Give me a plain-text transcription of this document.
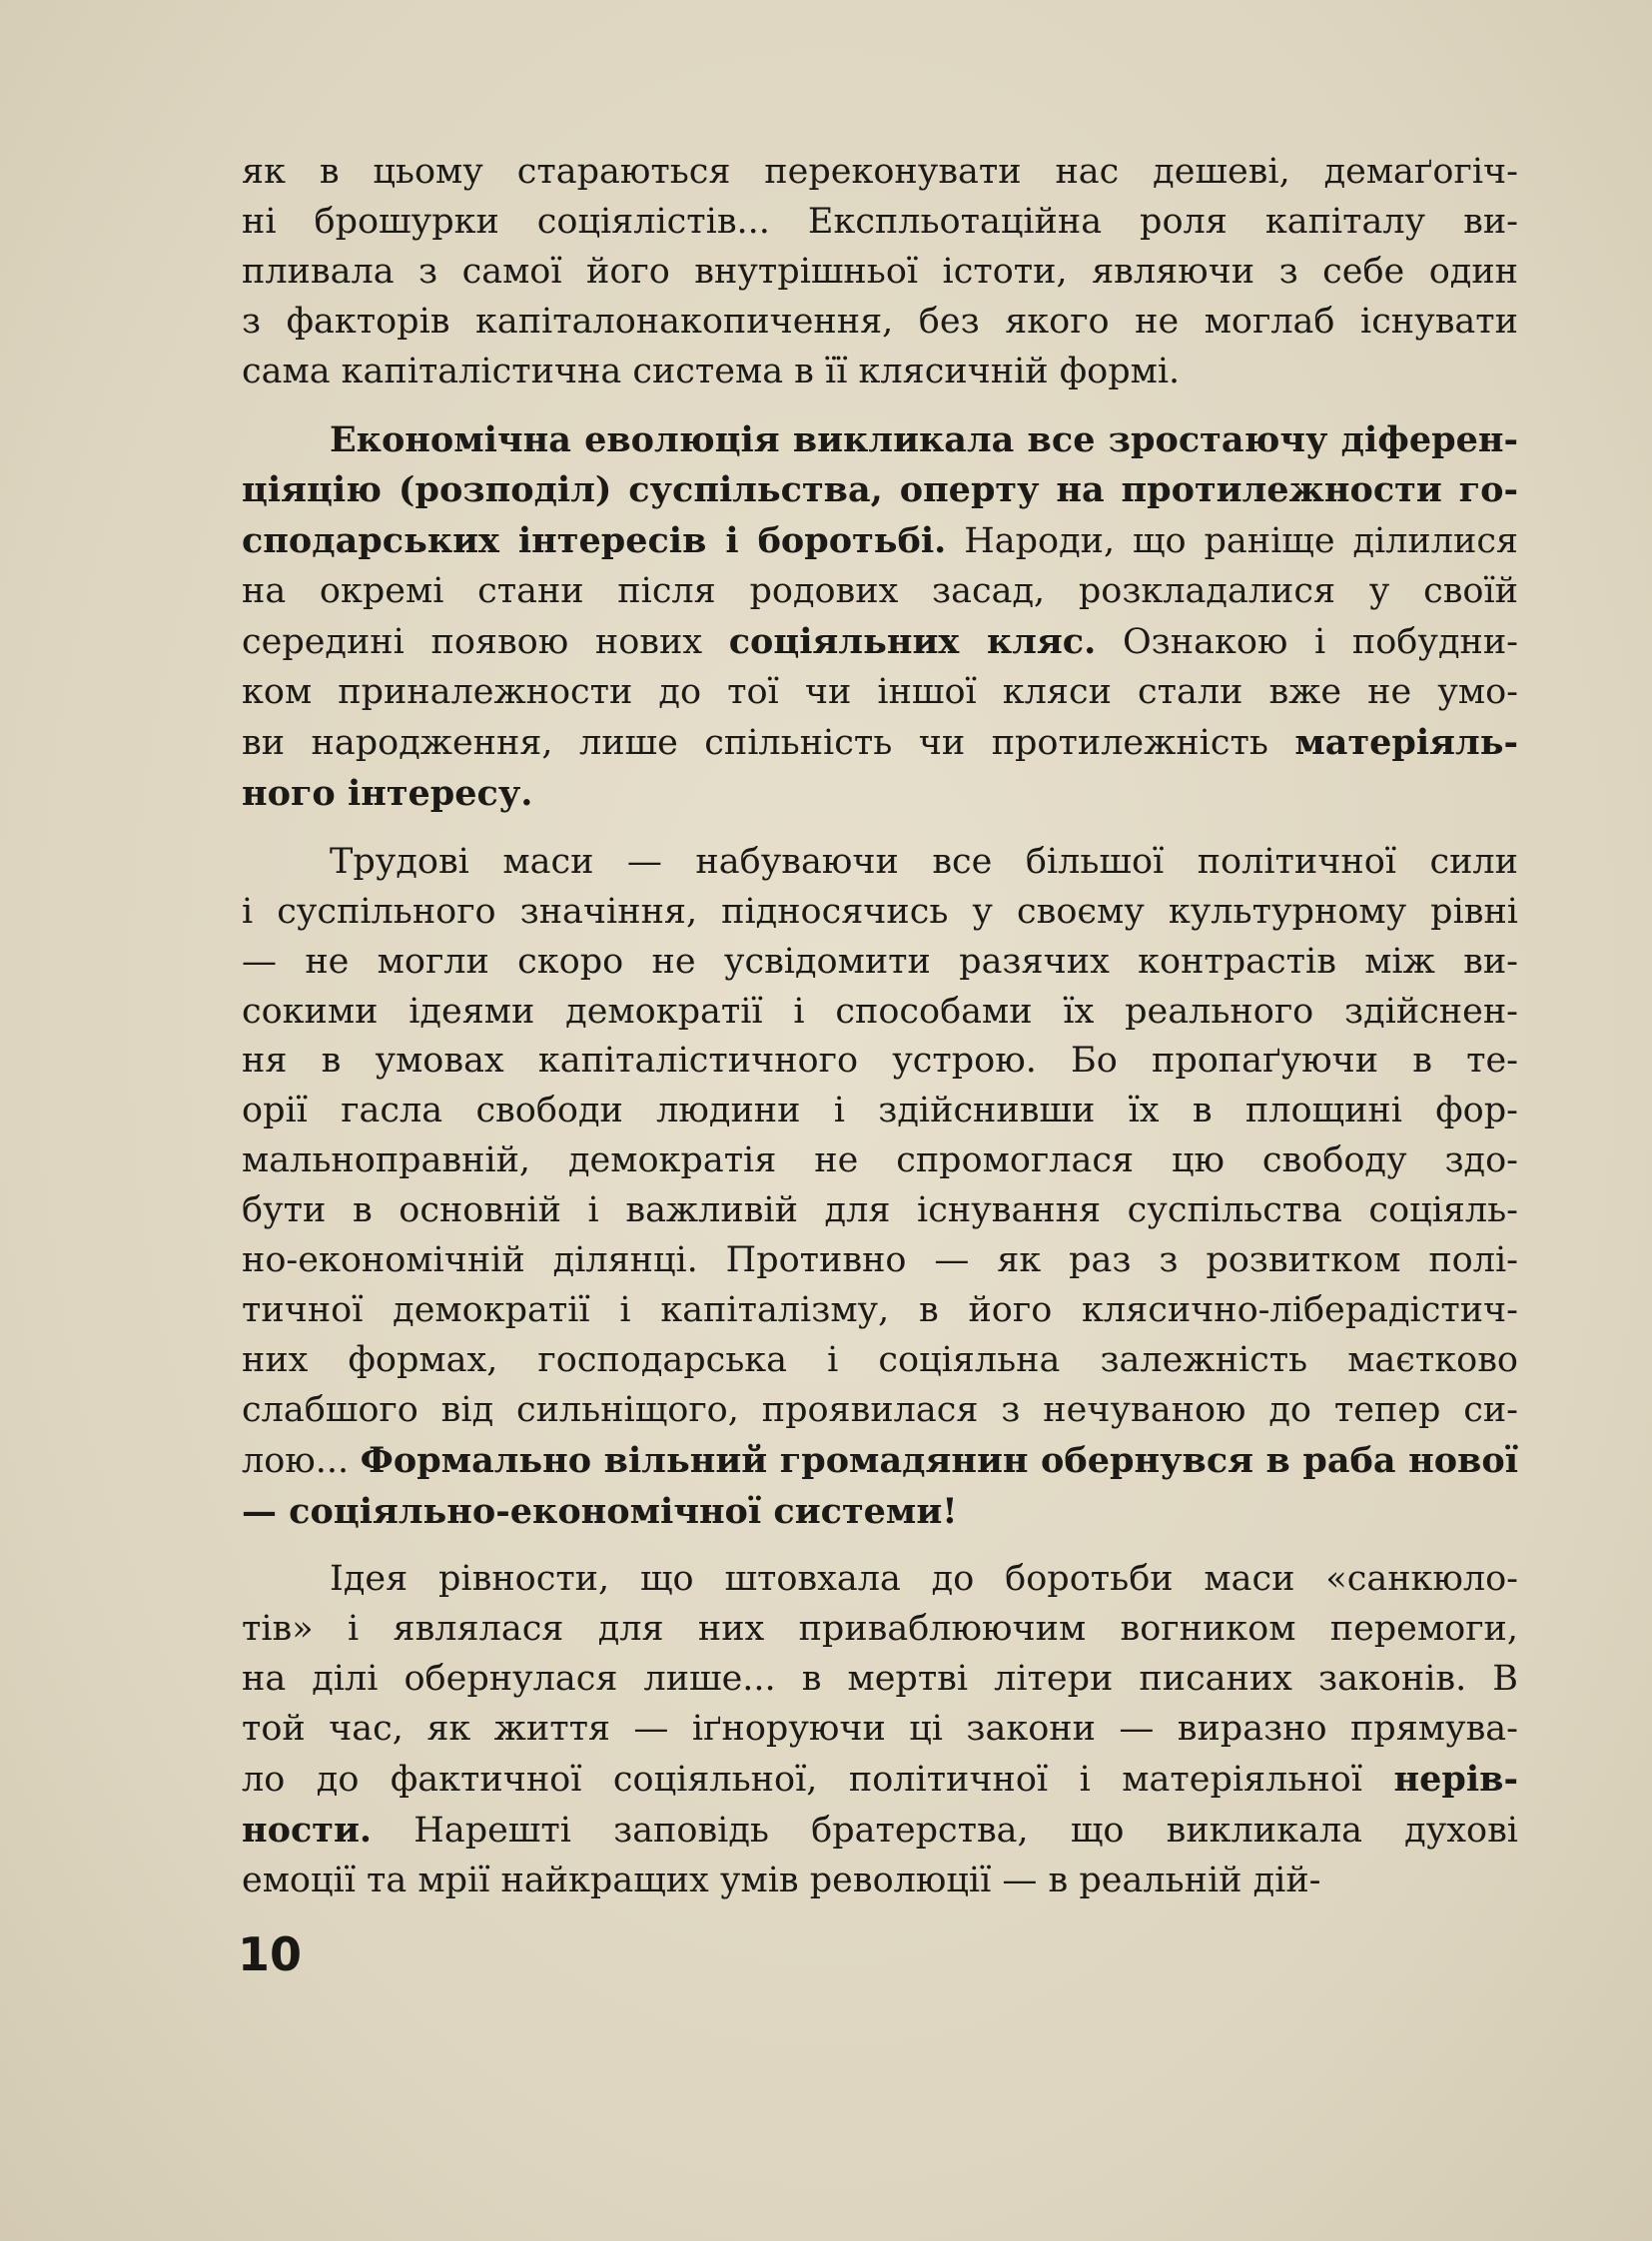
як в цьому стараються переконувати нас дешеві, демаґогіч-
ні брошурки соціялістів... Експльотаційна роля капіталу ви-
пливала з самої його внутрішньої істоти, являючи з себе один
з факторів капіталонакопичення, без якого не моглаб існувати
сама капіталістична система в її клясичній формі.
Економічна еволюція викликала все зростаючу діферен-
ціяцію (розподіл) суспільства, оперту на протилежности го-
сподарських інтересів і боротьбі. Народи, що раніще ділилися
на окремі стани після родових засад, розкладалися у своїй
середині появою нових соціяльних кляс. Ознакою і побудни-
ком приналежности до тої чи іншої кляси стали вже не умо-
ви народження, лише спільність чи протилежність матеріяль-
ного інтересу.
Трудові маси — набуваючи все більшої політичної сили
і суспільного значіння, підносячись у своєму культурному рівні
— не могли скоро не усвідомити разячих контрастів між ви-
сокими ідеями демократії і способами їх реального здійснен-
ня в умовах капіталістичного устрою. Бо пропаґуючи в те-
орії гасла свободи людини і здійснивши їх в площині фор-
мальноправній, демократія не спромоглася цю свободу здо-
бути в основній і важливій для існування суспільства соціяль-
но-економічній ділянці. Противно — як раз з розвитком полі-
тичної демократії і капіталізму, в його клясично-ліберадістич-
них формах, господарська і соціяльна залежність маєтково
слабшого від сильніщого, проявилася з нечуваною до тепер си-
лою... Формально вільний громадянин обернувся в раба нової
— соціяльно-економічної системи!
Ідея рівности, що штовхала до боротьби маси «санкюло-
тів» і являлася для них приваблюючим вогником перемоги,
на ділі обернулася лише... в мертві літери писаних законів. В
той час, як життя — іґноруючи ці закони — виразно прямува-
ло до фактичної соціяльної, політичної і матеріяльної нерів-
ности. Нарешті заповідь братерства, що викликала духові
емоції та мрії найкращих умів революції — в реальній дій-
10
